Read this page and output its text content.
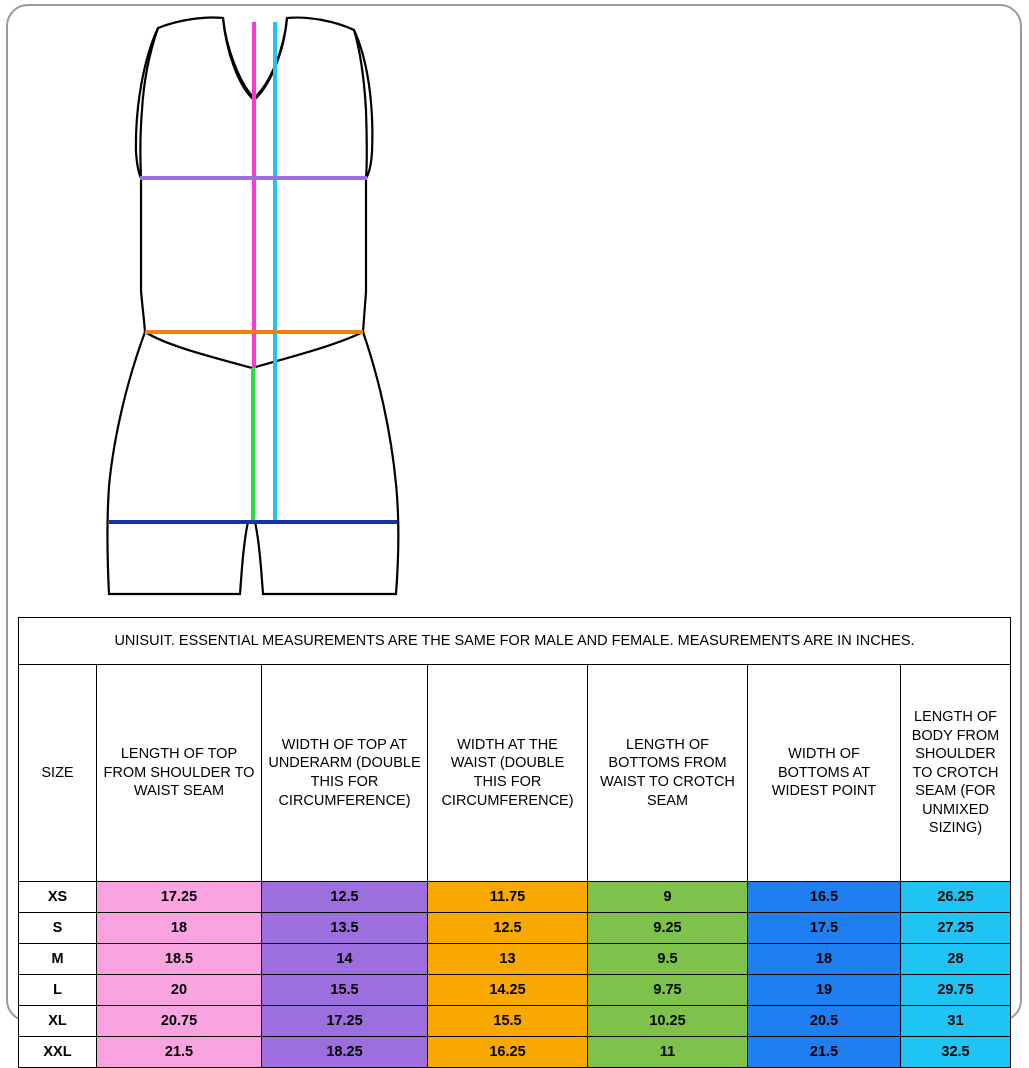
UNISUIT. ESSENTIAL MEASUREMENTS ARE THE SAME FOR MALE AND FEMALE. MEASUREMENTS ARE IN INCHES.						
SIZE	LENGTH OF TOP FROM SHOULDER TO WAIST SEAM	WIDTH OF TOP AT UNDERARM (DOUBLE THIS FOR CIRCUMFERENCE)	WIDTH AT THE WAIST (DOUBLE THIS FOR CIRCUMFERENCE)	LENGTH OF BOTTOMS FROM WAIST TO CROTCH SEAM	WIDTH OF BOTTOMS AT WIDEST POINT	LENGTH OF BODY FROM SHOULDER TO CROTCH SEAM (FOR UNMIXED SIZING)
XS	17.25	12.5	11.75	9	16.5	26.25
S	18	13.5	12.5	9.25	17.5	27.25
M	18.5	14	13	9.5	18	28
L	20	15.5	14.25	9.75	19	29.75
XL	20.75	17.25	15.5	10.25	20.5	31
XXL	21.5	18.25	16.25	11	21.5	32.5
